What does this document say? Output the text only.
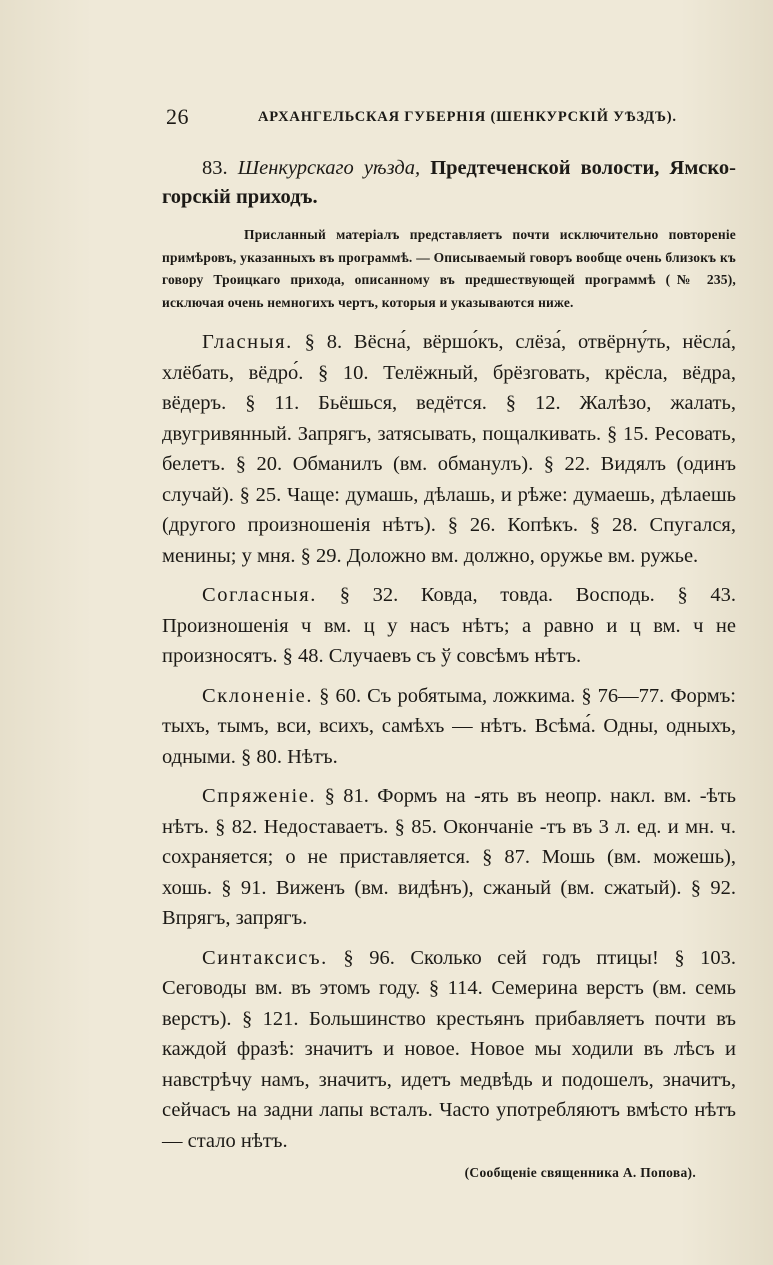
26	АРХАНГЕЛЬСКАЯ ГУБЕРНІЯ (ШЕНКУРСКІЙ УѢЗДЪ).

83. Шенкурскаго уѣзда, Предтеченской волости, Ямско-горскій приходъ.

Присланный матеріалъ представляетъ почти исключительно повтореніе примѣровъ, указанныхъ въ программѣ. — Описываемый говоръ вообще очень близокъ къ говору Троицкаго прихода, описанному въ предшествующей программѣ (№ 235), исключая очень немногихъ чертъ, которыя и указываются ниже.

Гласныя. § 8. Вёсна́, вёршо́къ, слёза́, отвёрну́ть, нёсла́, хлёбать, вёдро́. § 10. Телёжный, брёзговать, крёсла, вёдра, вёдеръ. § 11. Бьёшься, ведётся. § 12. Жалѣзо, жалать, двугривянный. Запрягъ, затясывать, пощалкивать. § 15. Ресовать, белетъ. § 20. Обманилъ (вм. обманулъ). § 22. Видялъ (одинъ случай). § 25. Чаще: думашь, дѣлашь, и рѣже: думаешь, дѣлаешь (другого произношенія нѣтъ). § 26. Копѣкъ. § 28. Спугался, менины; у мня. § 29. Доложно вм. должно, оружье вм. ружье.

Согласныя. § 32. Ковда, товда. Восподь. § 43. Произношенія ч вм. ц у насъ нѣтъ; а равно и ц вм. ч не произносятъ. § 48. Случаевъ съ ў совсѣмъ нѣтъ.

Склоненіе. § 60. Съ робятыма, ложкима. § 76—77. Формъ: тыхъ, тымъ, вси, всихъ, самѣхъ — нѣтъ. Всѣма́. Одны, одныхъ, одными. § 80. Нѣтъ.

Спряженіе. § 81. Формъ на -ять въ неопр. накл. вм. -ѣть нѣтъ. § 82. Недоставаетъ. § 85. Окончаніе -тъ въ 3 л. ед. и мн. ч. сохраняется; о не приставляется. § 87. Мошь (вм. можешь), хошь. § 91. Виженъ (вм. видѣнъ), сжаный (вм. сжатый). § 92. Впрягъ, запрягъ.

Синтаксисъ. § 96. Сколько сей годъ птицы! § 103. Сеговоды вм. въ этомъ году. § 114. Семерина верстъ (вм. семь верстъ). § 121. Большинство крестьянъ прибавляетъ почти въ каждой фразѣ: значитъ и новое. Новое мы ходили въ лѣсъ и навстрѣчу намъ, значитъ, идетъ медвѣдь и подошелъ, значитъ, сейчасъ на задни лапы всталъ. Часто употребляютъ вмѣсто нѣтъ — стало нѣтъ.

(Сообщеніе священника А. Попова).
